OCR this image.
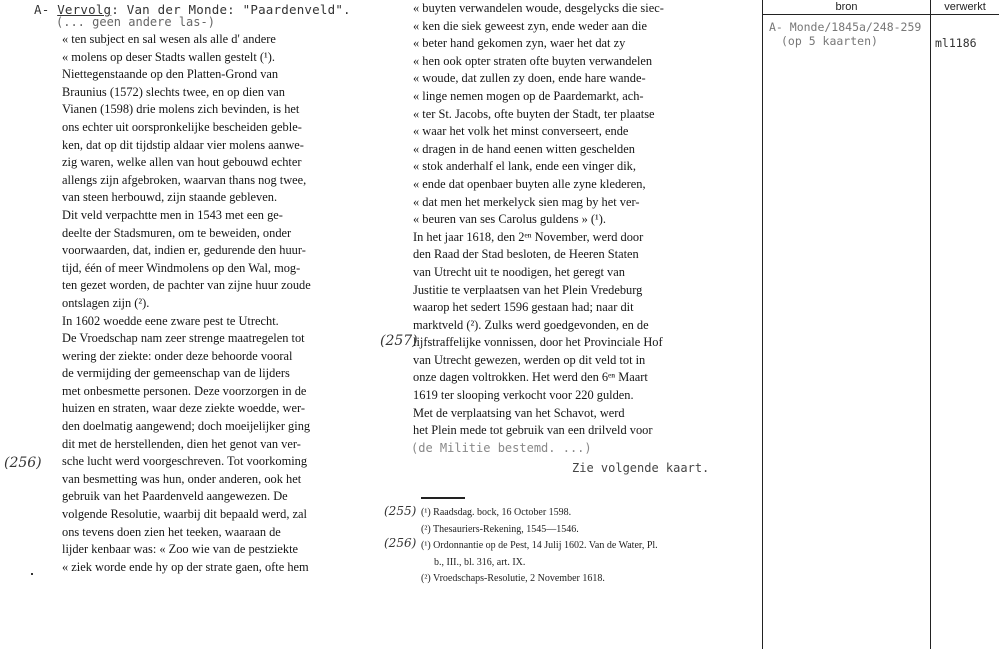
A- Vervolg: Van der Monde: "Paardenveld".
(... geen andere las-)
« ten subject en sal wesen als alle d' andere
« molens op deser Stadts wallen gestelt (¹).
Niettegenstaande op den Platten-Grond van
Braunius (1572) slechts twee, en op dien van
Vianen (1598) drie molens zich bevinden, is het
ons echter uit oorspronkelijke bescheiden geble-
ken, dat op dit tijdstip aldaar vier molens aanwe-
zig waren, welke allen van hout gebouwd echter
allengs zijn afgebroken, waarvan thans nog twee,
van steen herbouwd, zijn staande gebleven.
Dit veld verpachtte men in 1543 met een ge-
deelte der Stadsmuren, om te beweiden, onder
voorwaarden, dat, indien er, gedurende den huur-
tijd, één of meer Windmolens op den Wal, mog-
ten gezet worden, de pachter van zijne huur zoude
ontslagen zijn (²).
In 1602 woedde eene zware pest te Utrecht.
De Vroedschap nam zeer strenge maatregelen tot
wering der ziekte: onder deze behoorde vooral
de vermijding der gemeenschap van de lijders
met onbesmette personen. Deze voorzorgen in de
huizen en straten, waar deze ziekte woedde, wer-
den doelmatig aangewend; doch moeijelijker ging
dit met de herstellenden, dien het genot van ver-
sche lucht werd voorgeschreven. Tot voorkoming
van besmetting was hun, onder anderen, ook het
gebruik van het Paardenveld aangewezen. De
volgende Resolutie, waarbij dit bepaald werd, zal
ons tevens doen zien het teeken, waaraan de
lijder kenbaar was: « Zoo wie van de pestziekte
« ziek worde ende hy op der strate gaen, ofte hem
« buyten verwandelen woude, desgelycks die siec-
« ken die siek geweest zyn, ende weder aan die
« beter hand gekomen zyn, waer het dat zy
« hen ook opter straten ofte buyten verwandelen
« woude, dat zullen zy doen, ende hare wande-
« linge nemen mogen op de Paardemarkt, ach-
« ter St. Jacobs, ofte buyten der Stadt, ter plaatse
« waar het volk het minst converseert, ende
« dragen in de hand eenen witten geschelden
« stok anderhalf el lank, ende een vinger dik,
« ende dat openbaer buyten alle zyne klederen,
« dat men het merkelyck sien mag by het ver-
« beuren van ses Carolus guldens » (¹).
In het jaar 1618, den 2ᵉⁿ November, werd door
den Raad der Stad besloten, de Heeren Staten
van Utrecht uit te noodigen, het geregt van
Justitie te verplaatsen van het Plein Vredeburg
waarop het sedert 1596 gestaan had; naar dit
marktveld (²). Zulks werd goedgevonden, en de
lijfstraffelijke vonnissen, door het Provinciale Hof
van Utrecht gewezen, werden op dit veld tot in
onze dagen voltrokken. Het werd den 6ᵉⁿ Maart
1619 ter slooping verkocht voor 220 gulden.
Met de verplaatsing van het Schavot, werd
het Plein mede tot gebruik van een drilveld voor
(256)
(257)
(de Militie bestemd. ...)
Zie volgende kaart.
(255)
(256)
(¹) Raadsdag. bock, 16 October 1598.
(²) Thesauriers-Rekening, 1545—1546.
(¹) Ordonnantie op de Pest, 14 Julij 1602. Van de Water, Pl.
b., III., bl. 316, art. IX.
(²) Vroedschaps-Resolutie, 2 November 1618.
bron	verwerkt
A- Monde/1845a/248-259
(op 5 kaarten)	ml1186
